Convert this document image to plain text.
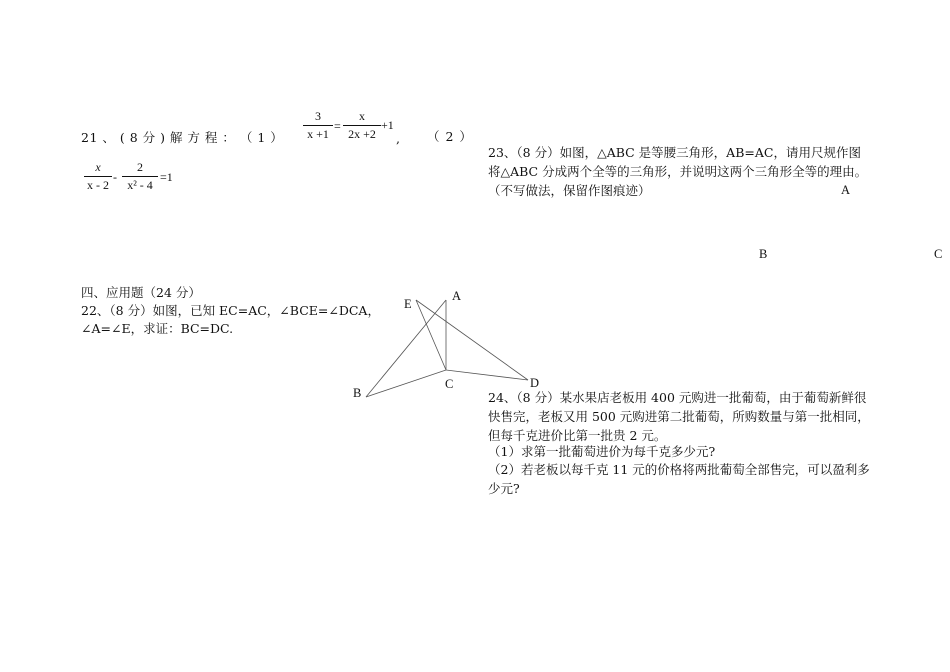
21 、 ( 8 分 ) 解 方 程 ： （ 1 ）
3
x +1
=
x
2x +2
+1
, （ 2 ）
x
x - 2
-
2
x² - 4
=1
四、应用题（24 分）
22、（8 分）如图，已知 EC=AC，∠BCE=∠DCA，
∠A=∠E，求证：BC=DC.
E
A
B
C	D
23、（8 分）如图，△ABC 是等腰三角形，AB=AC，请用尺规作图将△ABC 分成两个全等的三角形，并说明这两个三角形全等的理由。（不写做法，保留作图痕迹）	A
B	C
24、（8 分）某水果店老板用 400 元购进一批葡萄，由于葡萄新鲜很快售完，老板又用 500 元购进第二批葡萄，所购数量与第一批相同，但每千克进价比第一批贵 2 元。
（1）求第一批葡萄进价为每千克多少元?
（2）若老板以每千克 11 元的价格将两批葡萄全部售完，可以盈利多少元?
